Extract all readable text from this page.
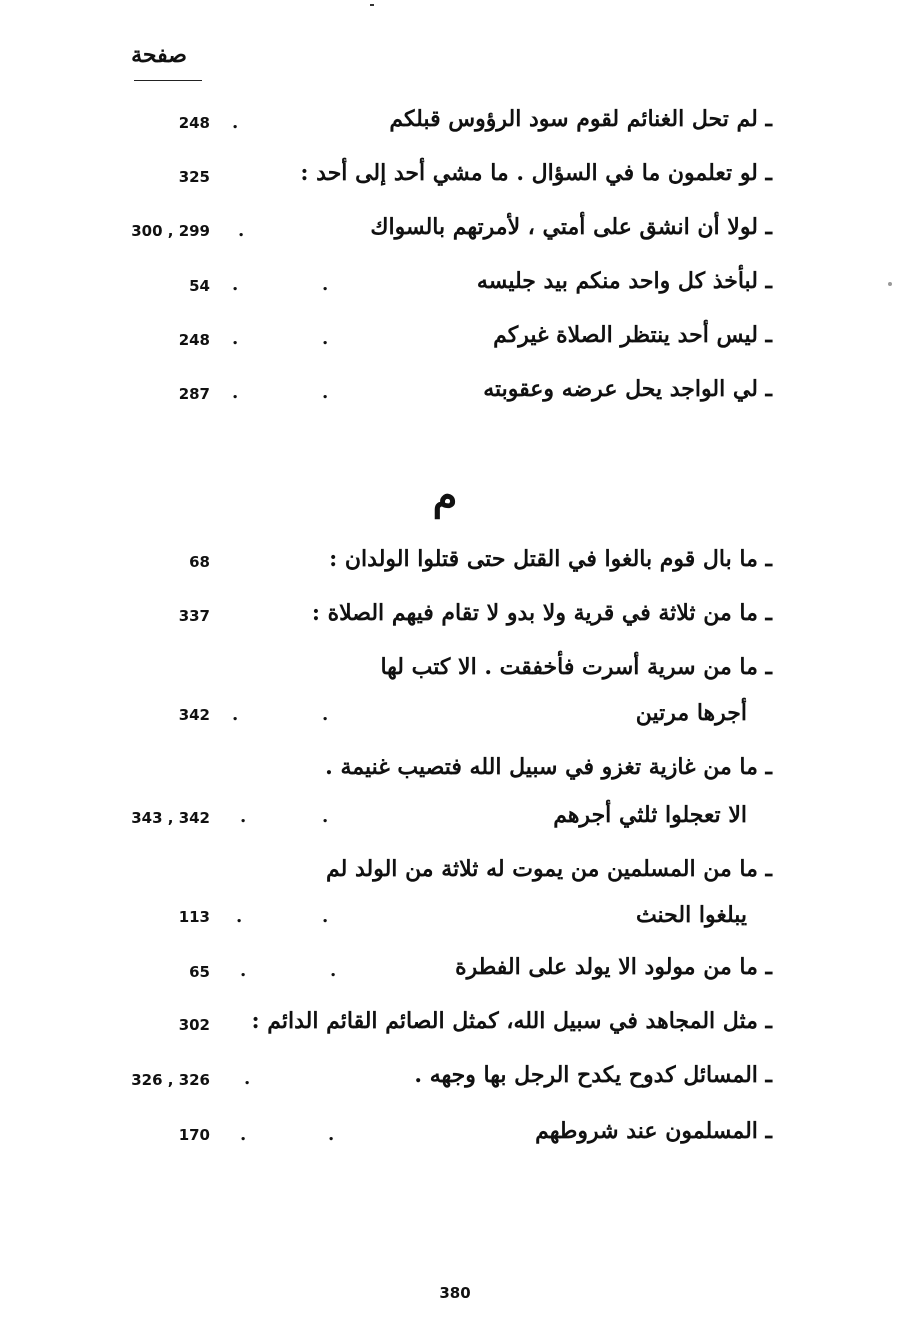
صفحة
ـ لم تحل الغنائم لقوم سود الرؤوس قبلكم
.
248
ـ لو تعلمون ما في السؤال . ما مشي أحد إلى أحد :
325
ـ لولا أن انشق على أمتي ، لأمرتهم بالسواك
.
300 , 299
ـ لبأخذ كل واحد منكم بيد جليسه
.	.
54
ـ ليس أحد ينتظر الصلاة غيركم
.	.
248
ـ لي الواجد يحل عرضه وعقوبته
.	.
287
م
ـ ما بال قوم بالغوا في القتل حتى قتلوا الولدان :
68
ـ ما من ثلاثة في قرية ولا بدو لا تقام فيهم الصلاة :
337
ـ ما من سرية أسرت فأخفقت . الا كتب لها
أجرها مرتين
.	.
342
ـ ما من غازية تغزو في سبيل الله فتصيب غنيمة .
الا تعجلوا ثلثي أجرهم
.	.
343 , 342
ـ ما من المسلمين من يموت له ثلاثة من الولد لم
يبلغوا الحنث
.	.
113
ـ ما من مولود الا يولد على الفطرة
.	.
65
ـ مثل المجاهد في سبيل الله، كمثل الصائم القائم الدائم :
302
ـ المسائل كدوح يكدح الرجل بها وجهه .
.
326 , 326
ـ المسلمون عند شروطهم
.	.
170
380
